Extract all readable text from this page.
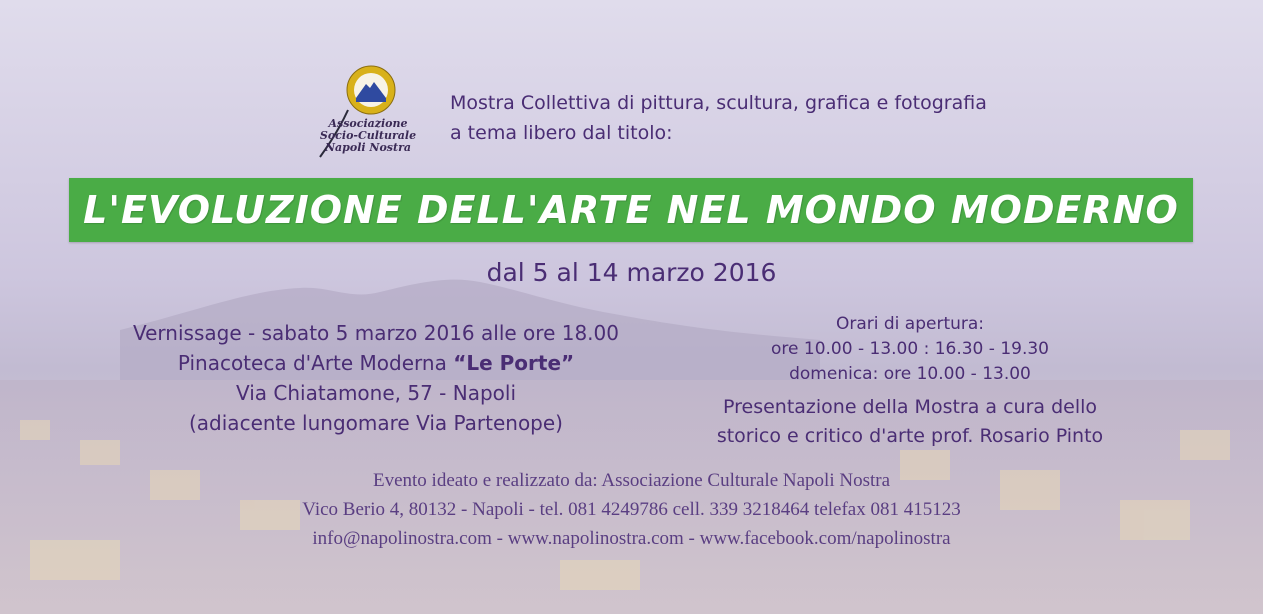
Associazione
Socio-Culturale
Napoli Nostra
Mostra Collettiva di pittura, scultura, grafica e fotografia
a tema libero dal titolo:
L'EVOLUZIONE DELL'ARTE NEL MONDO MODERNO
dal 5 al 14 marzo 2016
Vernissage - sabato 5 marzo 2016 alle ore 18.00
Pinacoteca d'Arte Moderna “Le Porte”
Via Chiatamone, 57 - Napoli
(adiacente lungomare Via Partenope)
Orari di apertura:
ore 10.00 - 13.00 : 16.30 - 19.30
domenica: ore 10.00 - 13.00
Presentazione della Mostra a cura dello
storico e critico d'arte prof. Rosario Pinto
Evento ideato e realizzato da: Associazione Culturale Napoli Nostra
Vico Berio 4, 80132 - Napoli - tel. 081 4249786 cell. 339 3218464 telefax 081 415123
info@napolinostra.com - www.napolinostra.com - www.facebook.com/napolinostra
